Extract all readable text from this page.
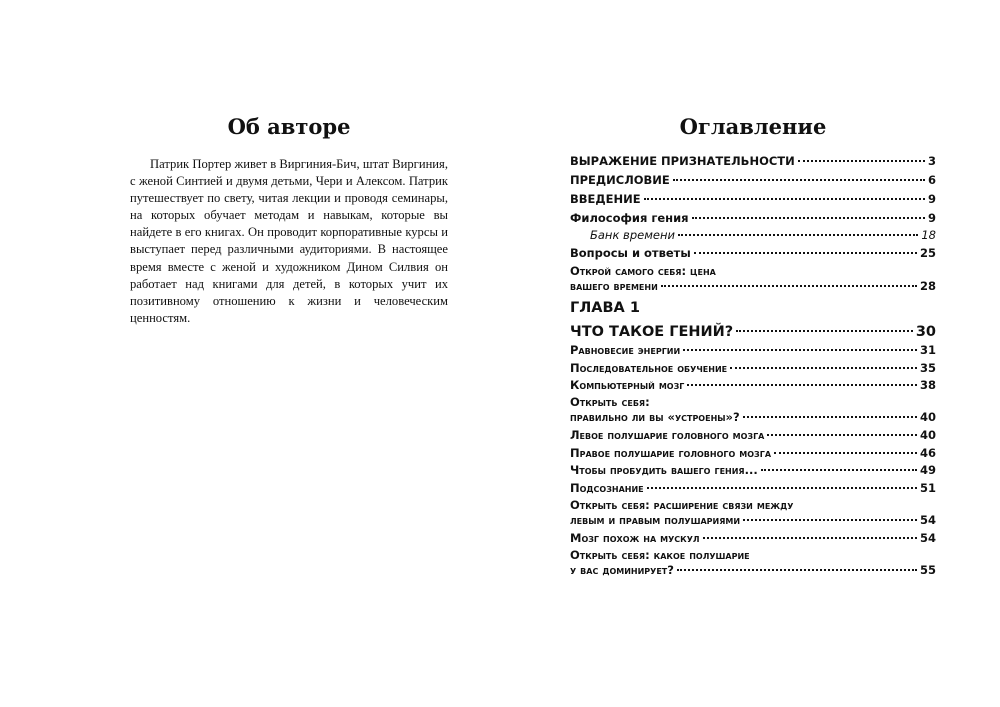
Об авторе

Патрик Портер живет в Виргиния-Бич, штат Виргиния, с женой Синтией и двумя детьми, Чери и Алексом. Патрик путешествует по свету, читая лекции и проводя семинары, на которых обучает методам и навыкам, которые вы найдете в его книгах. Он проводит корпоративные курсы и выступает перед различными аудиториями. В настоящее время вместе с женой и художником Дином Силвия он работает над книгами для детей, в которых учит их позитивному отношению к жизни и человеческим ценностям.

Оглавление
ВЫРАЖЕНИЕ ПРИЗНАТЕЛЬНОСТИ	3
ПРЕДИСЛОВИЕ	6
ВВЕДЕНИЕ	9
Философия гения	9
Банк времени	18
Вопросы и ответы	25
Открой самого себя: цена
вашего времени	28
ГЛАВА 1
ЧТО ТАКОЕ ГЕНИЙ?	30
Равновесие энергии	31
Последовательное обучение	35
Компьютерный мозг	38
Открыть себя:
правильно ли вы «устроены»?	40
Левое полушарие головного мозга	40
Правое полушарие головного мозга	46
Чтобы пробудить вашего гения...	49
Подсознание	51
Открыть себя: расширение связи между
левым и правым полушариями	54
Мозг похож на мускул	54
Открыть себя: какое полушарие
у вас доминирует?	55
